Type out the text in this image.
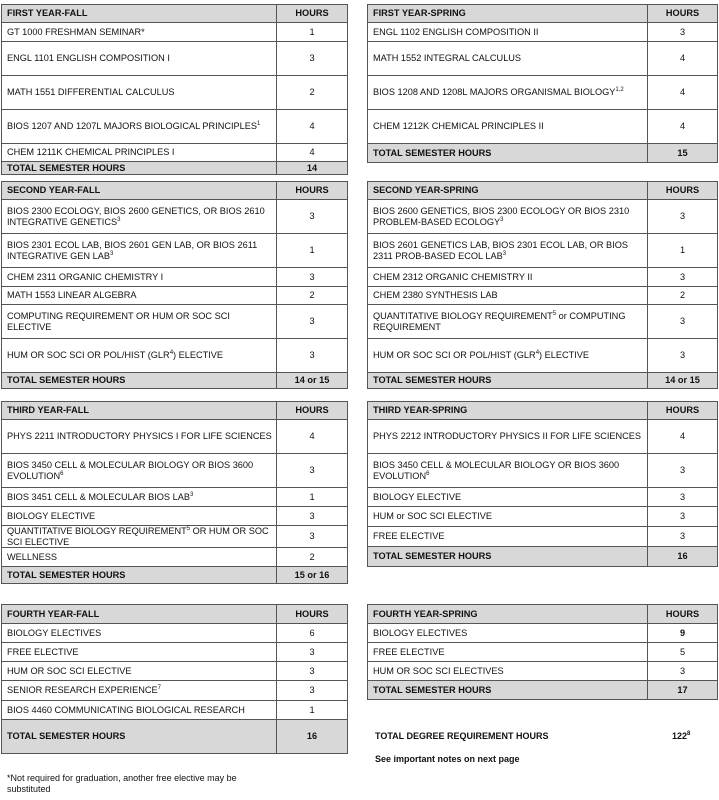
FIRST YEAR-FALL	HOURS
GT 1000 FRESHMAN SEMINAR*	1
ENGL 1101 ENGLISH COMPOSITION I	3
MATH 1551 DIFFERENTIAL CALCULUS	2
BIOS 1207 AND 1207L MAJORS BIOLOGICAL PRINCIPLES$^1$	4
CHEM 1211K CHEMICAL PRINCIPLES I	4
TOTAL SEMESTER HOURS	14
FIRST YEAR-SPRING	HOURS
ENGL 1102 ENGLISH COMPOSITION II	3
MATH 1552 INTEGRAL CALCULUS	4
BIOS 1208 AND 1208L MAJORS ORGANISMAL BIOLOGY$^{1,2}$	4
CHEM 1212K CHEMICAL PRINCIPLES II	4
TOTAL SEMESTER HOURS	15
SECOND YEAR-FALL	HOURS
BIOS 2300 ECOLOGY, BIOS 2600 GENETICS, OR BIOS 2610 INTEGRATIVE GENETICS$^3$	3
BIOS 2301 ECOL LAB, BIOS 2601 GEN LAB, OR BIOS 2611 INTEGRATIVE GEN LAB$^3$	1
CHEM 2311 ORGANIC CHEMISTRY I	3
MATH 1553 LINEAR ALGEBRA	2
COMPUTING REQUIREMENT OR HUM OR SOC SCI ELECTIVE	3
HUM OR SOC SCI OR POL/HIST (GLR$^4$) ELECTIVE	3
TOTAL SEMESTER HOURS	14 or 15
SECOND YEAR-SPRING	HOURS
BIOS 2600 GENETICS, BIOS 2300 ECOLOGY OR BIOS 2310 PROBLEM-BASED ECOLOGY$^3$	3
BIOS 2601 GENETICS LAB, BIOS 2301 ECOL LAB, OR BIOS 2311 PROB-BASED ECOL LAB$^3$	1
CHEM 2312 ORGANIC CHEMISTRY II	3
CHEM 2380 SYNTHESIS LAB	2
QUANTITATIVE BIOLOGY REQUIREMENT$^5$ or COMPUTING REQUIREMENT	3
HUM OR SOC SCI OR POL/HIST (GLR$^4$) ELECTIVE	3
TOTAL SEMESTER HOURS	14 or 15
THIRD YEAR-FALL	HOURS
PHYS 2211 INTRODUCTORY PHYSICS I FOR LIFE SCIENCES	4
BIOS 3450 CELL & MOLECULAR BIOLOGY OR BIOS 3600 EVOLUTION$^6$	3
BIOS 3451 CELL & MOLECULAR BIOS LAB$^3$	1
BIOLOGY ELECTIVE	3
QUANTITATIVE BIOLOGY REQUIREMENT$^5$ OR HUM OR SOC SCI ELECTIVE	3
WELLNESS	2
TOTAL SEMESTER HOURS	15 or 16
THIRD YEAR-SPRING	HOURS
PHYS 2212 INTRODUCTORY PHYSICS II FOR LIFE SCIENCES	4
BIOS 3450 CELL & MOLECULAR BIOLOGY OR BIOS 3600 EVOLUTION$^6$	3
BIOLOGY ELECTIVE	3
HUM or SOC SCI ELECTIVE	3
FREE ELECTIVE	3
TOTAL SEMESTER HOURS	16
FOURTH YEAR-FALL	HOURS
BIOLOGY ELECTIVES	6
FREE ELECTIVE	3
HUM OR SOC SCI ELECTIVE	3
SENIOR RESEARCH EXPERIENCE$^7$	3
BIOS 4460 COMMUNICATING BIOLOGICAL RESEARCH	1
TOTAL SEMESTER HOURS	16
FOURTH YEAR-SPRING	HOURS
BIOLOGY ELECTIVES	9
FREE ELECTIVE	5
HUM OR SOC SCI ELECTIVES	3
TOTAL SEMESTER HOURS	17
TOTAL DEGREE REQUIREMENT HOURS	$122^8$
See important notes on next page
*Not required for graduation, another free elective may be substituted
